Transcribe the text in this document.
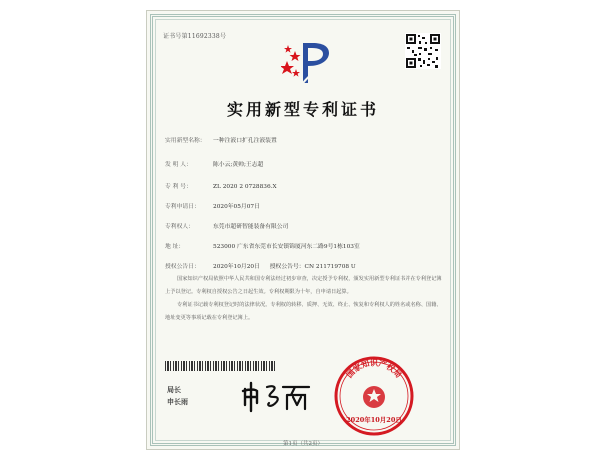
证书号第11692338号
实用新型专利证书
实用新型名称： 一种注液口扩孔注液装置
发 明 人：	陈小云;黄帅;王志超
专 利 号：	ZL 2020 2 0728836.X
专利申请日： 2020年05月07日
专利权人：	东莞市超研智能装备有限公司
地 址：	523000 广东省东莞市长安镇锦厦河东二路9号1栋103室
授权公告日： 2020年10月20日 授权公告号：CN 211719708 U
国家知识产权局依照中华人民共和国专利法经过初步审查，决定授予专利权，颁发实用新型专利证书并在专利登记簿上予以登记。专利权自授权公告之日起生效。专利权期限为十年，自申请日起算。
专利证书记载专利权登记时的法律状况。专利权的转移、质押、无效、终止、恢复和专利权人的姓名或名称、国籍、地址变更等事项记载在专利登记簿上。
局长
申长雨
国家知识产权局
2020年10月20日
第1页（共2页）
